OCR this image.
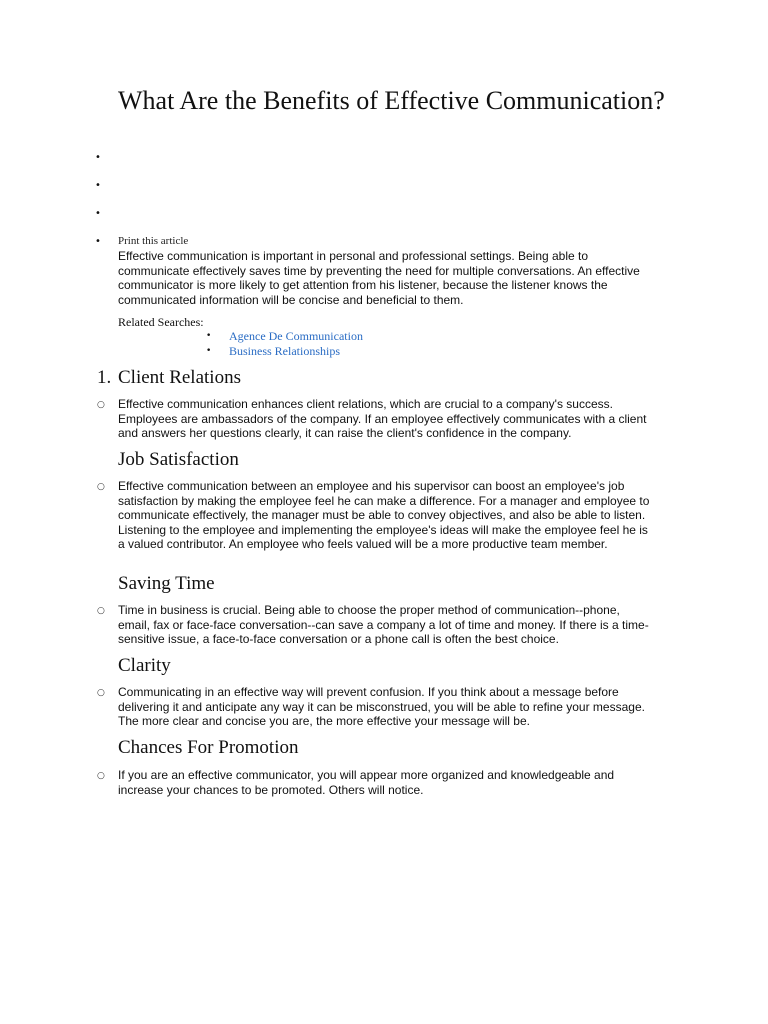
What Are the Benefits of Effective Communication?
•
•
•
• Print this article

Effective communication is important in personal and professional settings. Being able to communicate effectively saves time by preventing the need for multiple conversations. An effective communicator is more likely to get attention from his listener, because the listener knows the communicated information will be concise and beneficial to them.

Related Searches:
• Agence De Communication
• Business Relationships
1. Client Relations
○ Effective communication enhances client relations, which are crucial to a company's success. Employees are ambassadors of the company. If an employee effectively communicates with a client and answers her questions clearly, it can raise the client's confidence in the company.

Job Satisfaction
○ Effective communication between an employee and his supervisor can boost an employee's job satisfaction by making the employee feel he can make a difference. For a manager and employee to communicate effectively, the manager must be able to convey objectives, and also be able to listen. Listening to the employee and implementing the employee's ideas will make the employee feel he is a valued contributor. An employee who feels valued will be a more productive team member.

Saving Time
○ Time in business is crucial. Being able to choose the proper method of communication--phone, email, fax or face-face conversation--can save a company a lot of time and money. If there is a time-sensitive issue, a face-to-face conversation or a phone call is often the best choice.

Clarity
○ Communicating in an effective way will prevent confusion. If you think about a message before delivering it and anticipate any way it can be misconstrued, you will be able to refine your message. The more clear and concise you are, the more effective your message will be.

Chances For Promotion
○ If you are an effective communicator, you will appear more organized and knowledgeable and increase your chances to be promoted. Others will notice.
